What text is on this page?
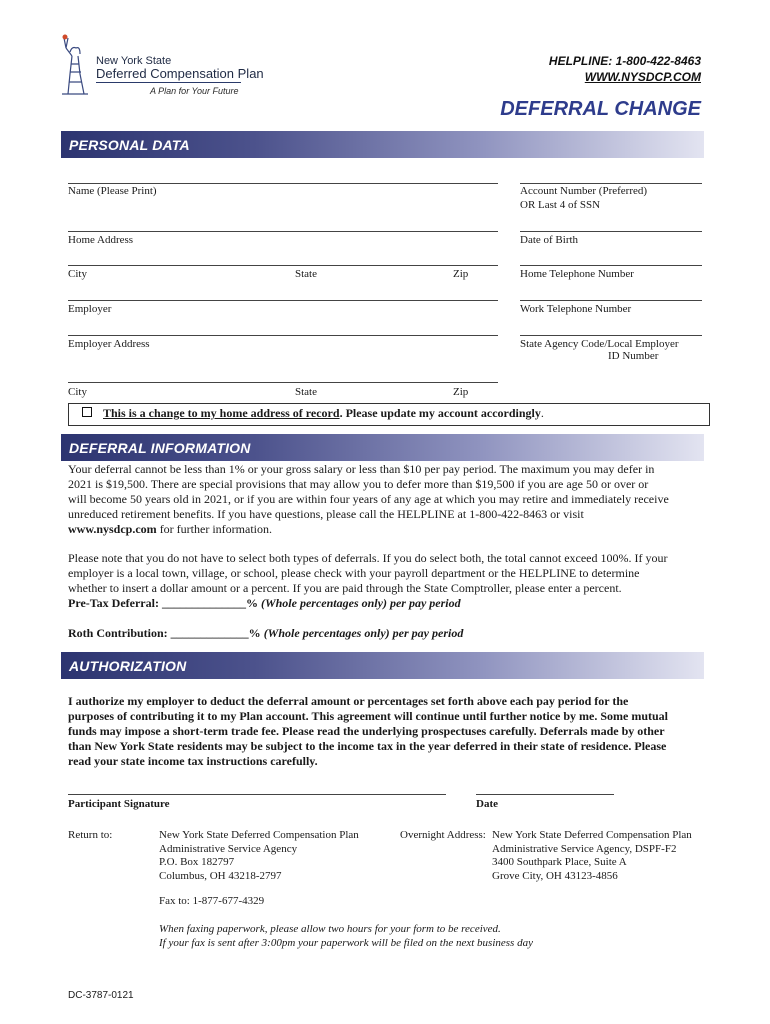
New York State
Deferred Compensation Plan
A Plan for Your Future
HELPLINE: 1-800-422-8463
WWW.NYSDCP.COM
DEFERRAL CHANGE
PERSONAL DATA
Name (Please Print)	Account Number (Preferred)
OR Last 4 of SSN
Home Address	Date of Birth
City	State	Zip	Home Telephone Number
Employer	Work Telephone Number
Employer Address	State Agency Code/Local Employer
ID Number
City	State	Zip
This is a change to my home address of record. Please update my account accordingly.
DEFERRAL INFORMATION
Your deferral cannot be less than 1% or your gross salary or less than $10 per pay period. The maximum you may defer in
2021 is $19,500. There are special provisions that may allow you to defer more than $19,500 if you are age 50 or over or
will become 50 years old in 2021, or if you are within four years of any age at which you may retire and immediately receive
unreduced retirement benefits. If you have questions, please call the HELPLINE at 1-800-422-8463 or visit
www.nysdcp.com for further information.
Please note that you do not have to select both types of deferrals. If you do select both, the total cannot exceed 100%. If your
employer is a local town, village, or school, please check with your payroll department or the HELPLINE to determine
whether to insert a dollar amount or a percent. If you are paid through the State Comptroller, please enter a percent.
Pre-Tax Deferral: ______________% (Whole percentages only) per pay period
Roth Contribution: _____________% (Whole percentages only) per pay period
AUTHORIZATION
I authorize my employer to deduct the deferral amount or percentages set forth above each pay period for the
purposes of contributing it to my Plan account. This agreement will continue until further notice by me. Some mutual
funds may impose a short-term trade fee. Please read the underlying prospectuses carefully. Deferrals made by other
than New York State residents may be subject to the income tax in the year deferred in their state of residence. Please
read your state income tax instructions carefully.
Participant Signature	Date
Return to:	New York State Deferred Compensation Plan
Administrative Service Agency
P.O. Box 182797
Columbus, OH 43218-2797
Overnight Address: New York State Deferred Compensation Plan
Administrative Service Agency, DSPF-F2
3400 Southpark Place, Suite A
Grove City, OH 43123-4856
Fax to: 1-877-677-4329
When faxing paperwork, please allow two hours for your form to be received.
If your fax is sent after 3:00pm your paperwork will be filed on the next business day
DC-3787-0121
